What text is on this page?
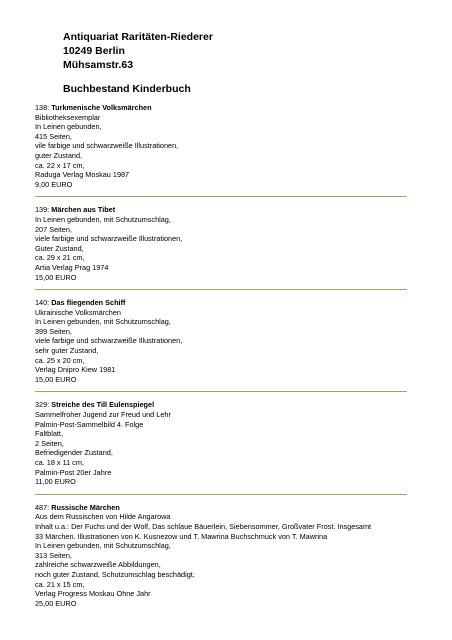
Antiquariat Raritäten-Riederer
10249 Berlin
Mühsamstr.63
Buchbestand Kinderbuch
138: Turkmenische Volksmärchen
Bibliotheksexemplar
In Leinen gebunden,
415 Seiten,
vile farbige und schwarzweiße Illustrationen,
guter Zustand,
ca. 22 x 17 cm,
Raduga Verlag Moskau 1987
9,00 EURO
139: Märchen aus Tibet
In Leinen gebunden, mit Schutzumschlag,
207 Seiten,
viele farbige und schwarzweiße Illustrationen,
Guter Zustand,
ca. 29 x 21 cm,
Artia Verlag Prag 1974
15,00 EURO
140: Das fliegenden Schiff
Ukrainische Volksmärchen
In Leinen gebunden, mit Schutzumschlag,
399 Seiten,
viele farbige und schwarzweiße Illustrationen,
sehr guter Zustand,
ca. 25 x 20 cm,
Verlag Dnipro Kiew 1981
15,00 EURO
329: Streiche des Till Eulenspiegel
Sammelfroher Jugend zur Freud und Lehr
Palmin-Post-Sammelbild 4. Folge
Faltblatt,
2 Seiten,
Befriedigender Zustand,
ca. 18 x 11 cm,
Palmin-Post 20er Jahre
11,00 EURO
487: Russische Märchen
Aus dem Russischen von Hilde Angarowa
Inhalt u.a.: Der Fuchs und der Wolf, Das schlaue Bäuerlein, Siebensommer, Großvater Frost. Insgesamt
33 Märchen. Illustrationen von K. Kusnezow und T. Mawrina Buchschmuck von T. Mawrina
In Leinen gebunden, mit Schutzumschlag,
313 Seiten,
zahlreiche schwarzweiße Abbildungen,
noch guter Zustand, Schutzumschlag beschädigt,
ca. 21 x 15 cm,
Verlag Progress Moskau Ohne Jahr
25,00 EURO
